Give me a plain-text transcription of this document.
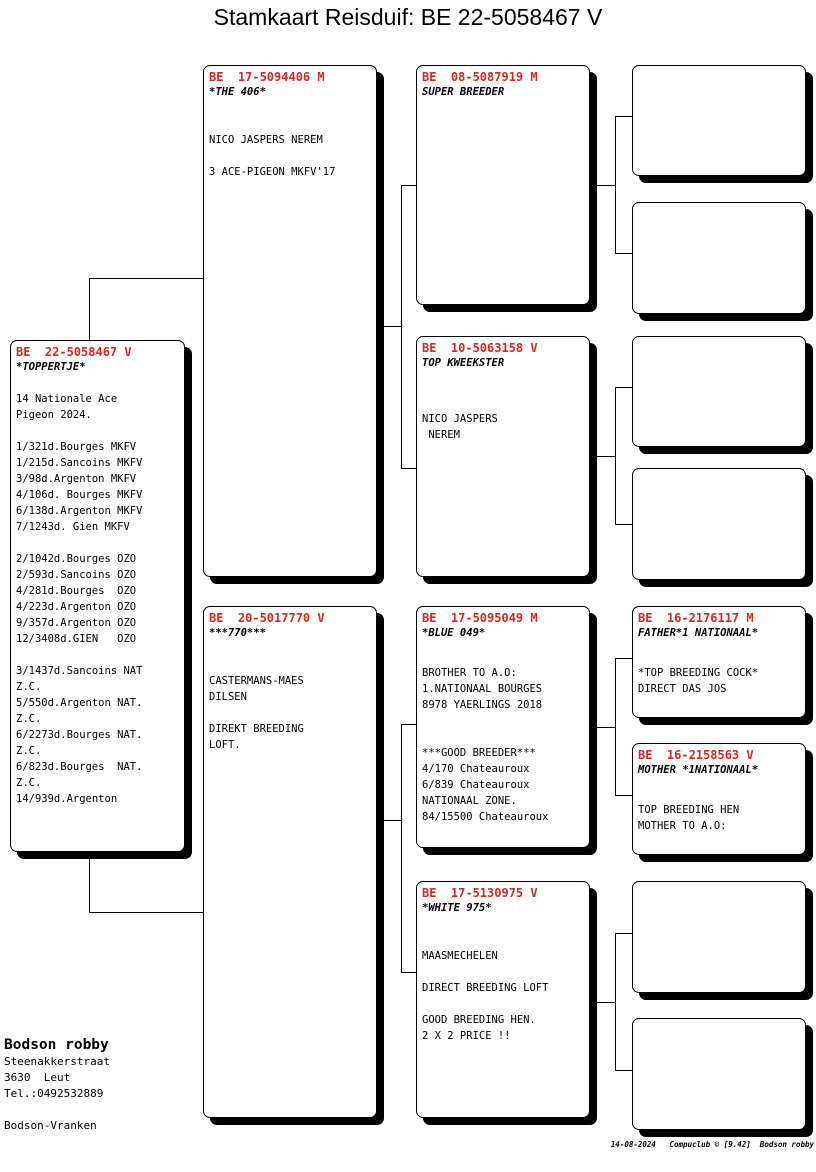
Stamkaart Reisduif: BE 22-5058467 V
BE  22-5058467 V
*TOPPERTJE*
14 Nationale Ace
Pigeon 2024.

1/321d.Bourges MKFV
1/215d.Sancoins MKFV
3/98d.Argenton MKFV
4/106d. Bourges MKFV
6/138d.Argenton MKFV
7/1243d. Gien MKFV

2/1042d.Bourges OZO
2/593d.Sancoins OZO
4/281d.Bourges  OZO
4/223d.Argenton OZO
9/357d.Argenton OZO
12/3408d.GIEN   OZO

3/1437d.Sancoins NAT
Z.C.
5/550d.Argenton NAT.
Z.C.
6/2273d.Bourges NAT.
Z.C.
6/823d.Bourges  NAT.
Z.C.
14/939d.Argenton
BE  17-5094406 M
*THE 406*
NICO JASPERS NEREM

3 ACE-PIGEON MKFV'17
BE  20-5017770 V
***770***
CASTERMANS-MAES
DILSEN

DIREKT BREEDING
LOFT.
BE  08-5087919 M
SUPER BREEDER
BE  10-5063158 V
TOP KWEEKSTER
NICO JASPERS
NEREM
BE  17-5095049 M
*BLUE 049*
BROTHER TO A.O:
1.NATIONAAL BOURGES
8978 YAERLINGS 2018

***GOOD BREEDER***
4/170 Chateauroux
6/839 Chateauroux
NATIONAAL ZONE.
84/15500 Chateauroux
BE  17-5130975 V
*WHITE 975*
MAASMECHELEN

DIRECT BREEDING LOFT

GOOD BREEDING HEN.
2 X 2 PRICE !!
BE  16-2176117 M
FATHER*1 NATIONAAL*
*TOP BREEDING COCK*
DIRECT DAS JOS
BE  16-2158563 V
MOTHER *1NATIONAAL*
TOP BREEDING HEN
MOTHER TO A.O:
Bodson robby
Steenakkerstraat
3630  Leut
Tel.:0492532889
Bodson-Vranken
14-08-2024   Compuclub © [9.42]  Bodson robby
